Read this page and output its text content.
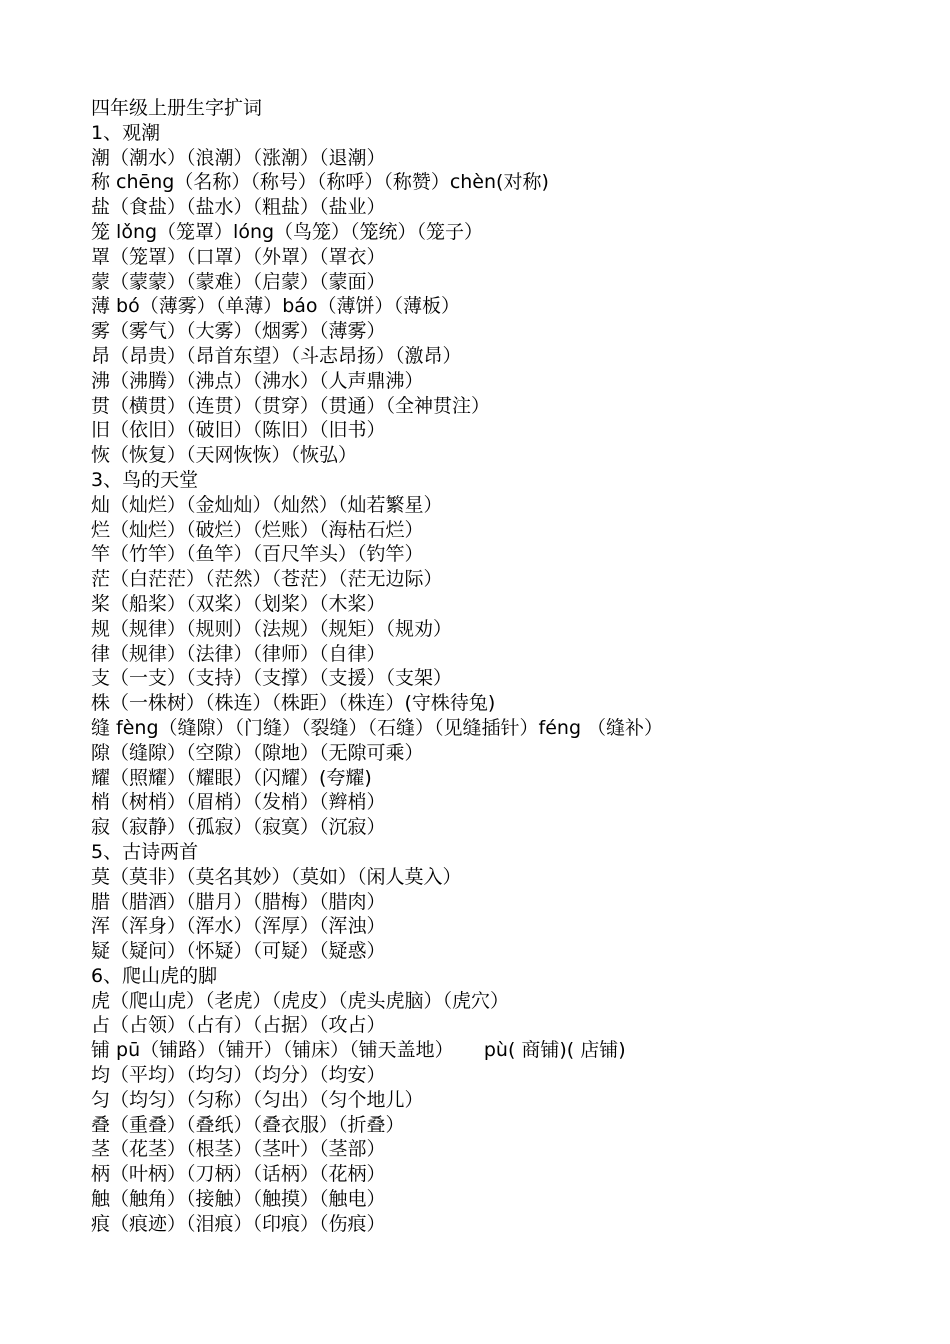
四年级上册生字扩词
1、观潮
潮（潮水）（浪潮）（涨潮）（退潮）
称 chēng（名称）（称号）（称呼）（称赞）chèn(对称)
盐（食盐）（盐水）（粗盐）（盐业）
笼 lǒng（笼罩）lóng（鸟笼）（笼统）（笼子）
罩（笼罩）（口罩）（外罩）（罩衣）
蒙（蒙蒙）（蒙难）（启蒙）（蒙面）
薄 bó（薄雾）（单薄）báo（薄饼）（薄板）
雾（雾气）（大雾）（烟雾）（薄雾）
昂（昂贵）（昂首东望）（斗志昂扬）（激昂）
沸（沸腾）（沸点）（沸水）（人声鼎沸）
贯（横贯）（连贯）（贯穿）（贯通）（全神贯注）
旧（依旧）（破旧）（陈旧）（旧书）
恢（恢复）（天网恢恢）（恢弘）
3、鸟的天堂
灿（灿烂）（金灿灿）（灿然）（灿若繁星）
烂（灿烂）（破烂）（烂账）（海枯石烂）
竿（竹竿）（鱼竿）（百尺竿头）（钓竿）
茫（白茫茫）（茫然）（苍茫）（茫无边际）
桨（船桨）（双桨）（划桨）（木桨）
规（规律）（规则）（法规）（规矩）（规劝）
律（规律）（法律）（律师）（自律）
支（一支）（支持）（支撑）（支援）（支架）
株（一株树）（株连）（株距）（株连）(守株待兔)
缝 fèng（缝隙）（门缝）（裂缝）（石缝）（见缝插针）féng （缝补）
隙（缝隙）（空隙）（隙地）（无隙可乘）
耀（照耀）（耀眼）（闪耀）(夸耀)
梢（树梢）（眉梢）（发梢）（辫梢）
寂（寂静）（孤寂）（寂寞）（沉寂）
5、古诗两首
莫（莫非）（莫名其妙）（莫如）（闲人莫入）
腊（腊酒）（腊月）（腊梅）（腊肉）
浑（浑身）（浑水）（浑厚）（浑浊）
疑（疑问）（怀疑）（可疑）（疑惑）
6、爬山虎的脚
虎（爬山虎）（老虎）（虎皮）（虎头虎脑）（虎穴）
占（占领）（占有）（占据）（攻占）
铺 pū（铺路）（铺开）（铺床）（铺天盖地）     pù( 商铺)( 店铺)
均（平均）（均匀）（均分）（均安）
匀（均匀）（匀称）（匀出）（匀个地儿）
叠（重叠）（叠纸）（叠衣服）（折叠）
茎（花茎）（根茎）（茎叶）（茎部）
柄（叶柄）（刀柄）（话柄）（花柄）
触（触角）（接触）（触摸）（触电）
痕（痕迹）（泪痕）（印痕）（伤痕）
